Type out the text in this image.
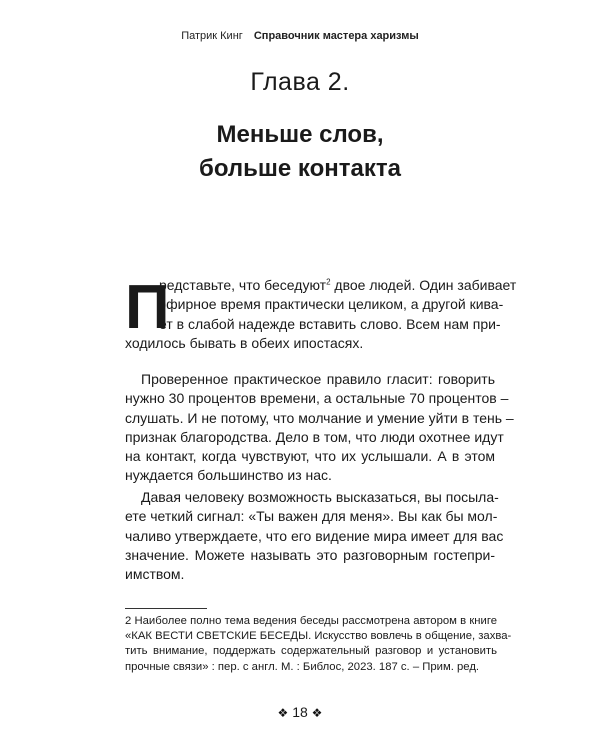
Патрик Кинг Справочник мастера харизмы
Глава 2.
Меньше слов,
больше контакта
П

редставьте, что беседуют$^2$ двое людей. Один забивает
эфирное время практически целиком, а другой кива-
ет в слабой надежде вставить слово. Всем нам при-
ходилось бывать в обеих ипостасях.

Проверенное практическое правило гласит: говорить
нужно 30 процентов времени, а остальные 70 процентов –
слушать. И не потому, что молчание и умение уйти в тень –
признак благородства. Дело в том, что люди охотнее идут
на контакт, когда чувствуют, что их услышали. А в этом
нуждается большинство из нас.

Давая человеку возможность высказаться, вы посыла-
ете четкий сигнал: «Ты важен для меня». Вы как бы мол-
чаливо утверждаете, что его видение мира имеет для вас
значение. Можете называть это разговорным гостепри-
имством.

2 Наиболее полно тема ведения беседы рассмотрена автором в книге
«КАК ВЕСТИ СВЕТСКИЕ БЕСЕДЫ. Искусство вовлечь в общение, захва-
тить внимание, поддержать содержательный разговор и установить
прочные связи» : пер. с англ. М. : Библос, 2023. 187 с. – Прим. ред.

❖ 18 ❖
